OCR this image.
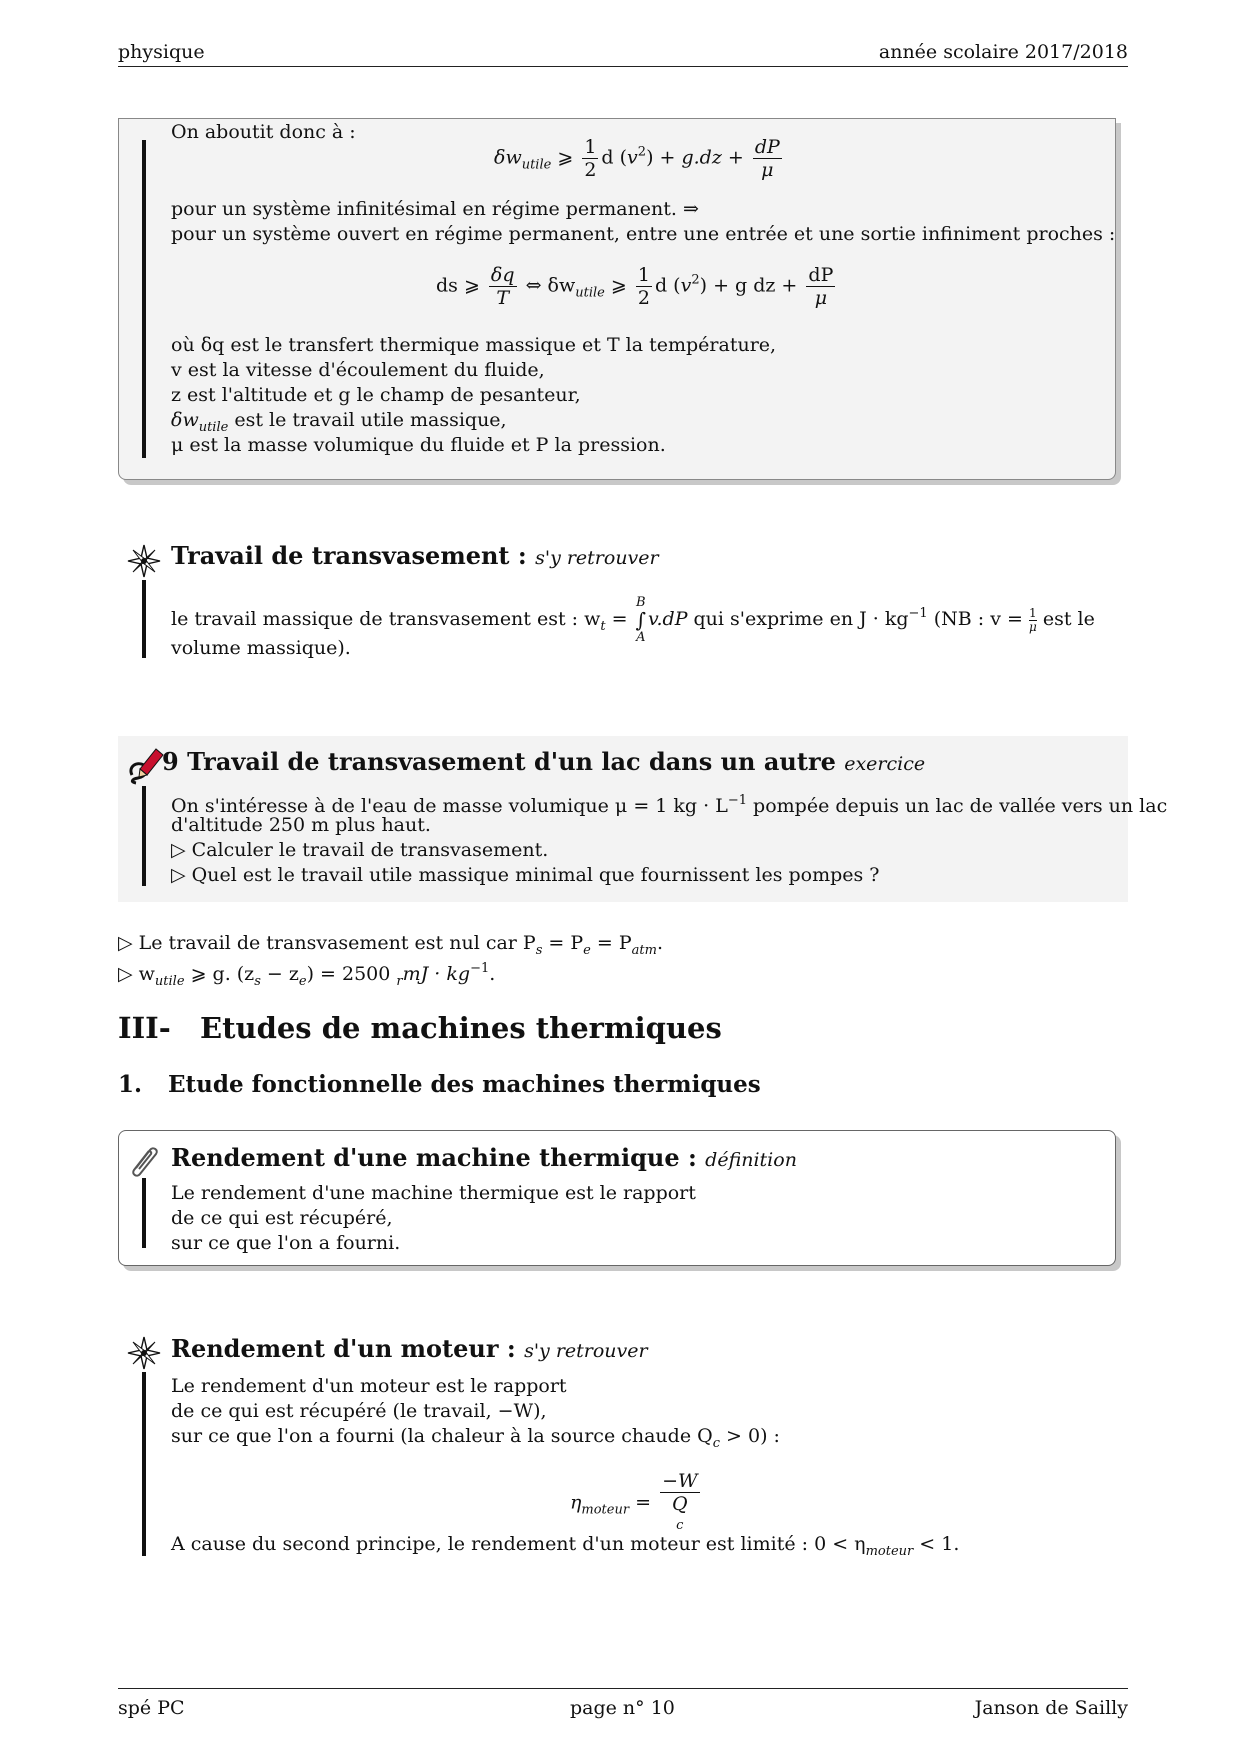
physique	année scolaire 2017/2018
On aboutit donc à :
$\delta w_{utile}$ ⩾ $\frac{1}{2}$ d $(v^2) + g.dz + \frac{dP}{\mu}$
pour un système infinitésimal en régime permanent. ⇒
pour un système ouvert en régime permanent, entre une entrée et une sortie infiniment proches :
ds ⩾ $\frac{\delta q}{T}$ ⇔ $\delta w_{utile}$ ⩾ $\frac{1}{2}$ d $(v^2) + g$ dz + $\frac{dP}{\mu}$
où δq est le transfert thermique massique et T la température,
v est la vitesse d'écoulement du fluide,
z est l'altitude et g le champ de pesanteur,
$\delta w_{utile}$ est le travail utile massique,
μ est la masse volumique du fluide et P la pression.
Travail de transvasement : s'y retrouver
le travail massique de transvasement est : $w_t$ =
B
∫
A
v.dP qui s'exprime en $J \cdot kg^{-1}$ (NB : $v = \frac{1}{\mu}$ est le
volume massique).
9 Travail de transvasement d'un lac dans un autre exercice
On s'intéresse à de l'eau de masse volumique μ = 1 kg · $L^{-1}$ pompée depuis un lac de vallée vers un lac
d'altitude 250 m plus haut.
▷ Calculer le travail de transvasement.
▷ Quel est le travail utile massique minimal que fournissent les pompes ?
▷ Le travail de transvasement est nul car $P_s = P_e = P_{atm}$.
▷ $w_{utile}$ ⩾ g. $(z_s - z_e) = 2500$ $_rmJ \cdot kg^{-1}$.
III- Etudes de machines thermiques
1. Etude fonctionnelle des machines thermiques
Rendement d'une machine thermique : définition
Le rendement d'une machine thermique est le rapport
de ce qui est récupéré,
sur ce que l'on a fourni.
Rendement d'un moteur : s'y retrouver
Le rendement d'un moteur est le rapport
de ce qui est récupéré (le travail, −W),
sur ce que l'on a fourni (la chaleur à la source chaude $Q_c > 0$) :
$\eta_{moteur} = -W$
Q
c
A cause du second principe, le rendement d'un moteur est limité : $0 < \eta_{moteur} < 1$.
spé PC	page n° 10	Janson de Sailly
